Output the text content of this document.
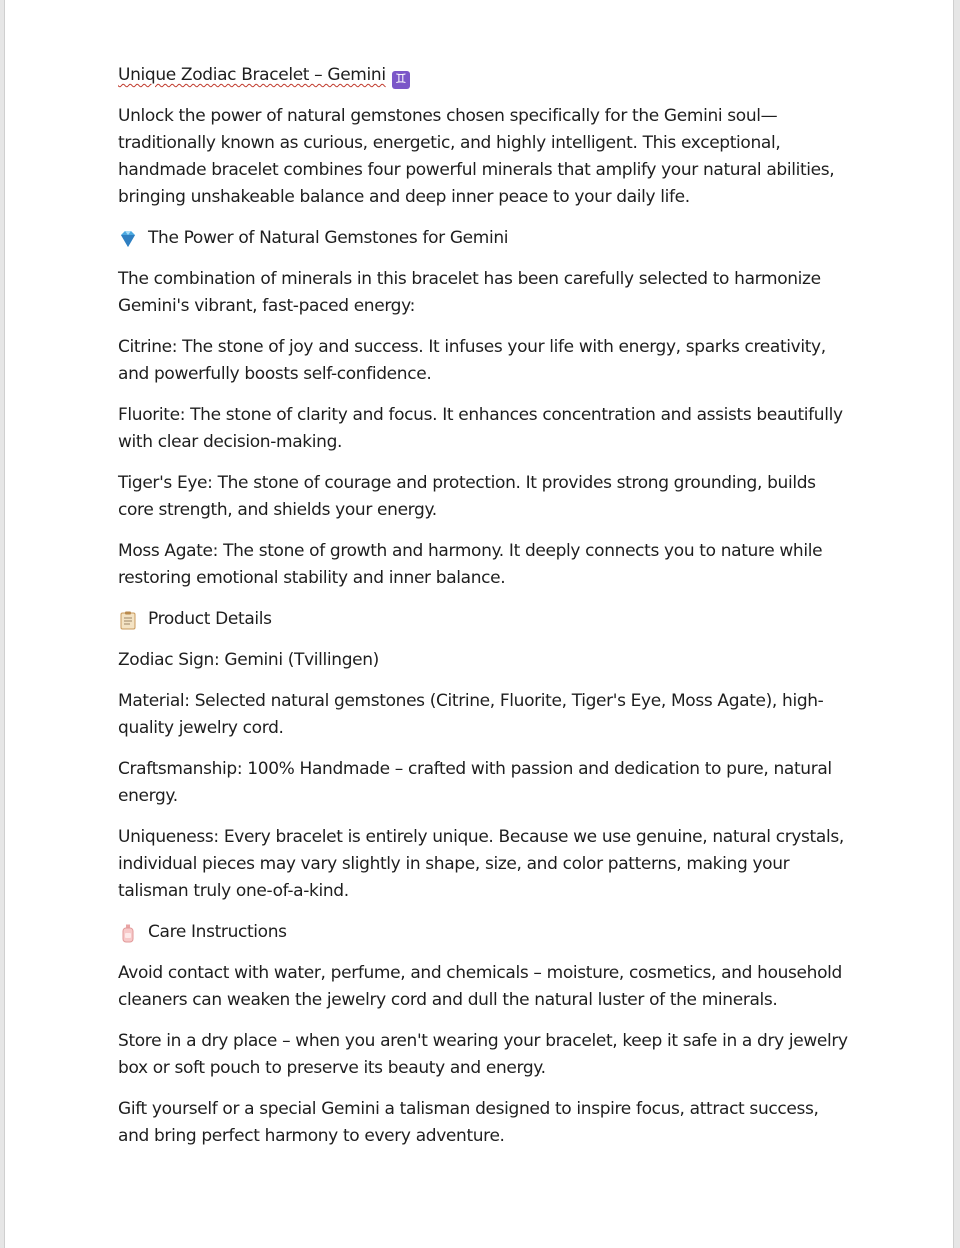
Unique Zodiac Bracelet – Gemini ♊

Unlock the power of natural gemstones chosen specifically for the Gemini soul—traditionally known as curious, energetic, and highly intelligent. This exceptional, handmade bracelet combines four powerful minerals that amplify your natural abilities, bringing unshakeable balance and deep inner peace to your daily life.

The Power of Natural Gemstones for Gemini

The combination of minerals in this bracelet has been carefully selected to harmonize Gemini's vibrant, fast-paced energy:

Citrine: The stone of joy and success. It infuses your life with energy, sparks creativity, and powerfully boosts self-confidence.

Fluorite: The stone of clarity and focus. It enhances concentration and assists beautifully with clear decision-making.

Tiger's Eye: The stone of courage and protection. It provides strong grounding, builds core strength, and shields your energy.

Moss Agate: The stone of growth and harmony. It deeply connects you to nature while restoring emotional stability and inner balance.

Product Details

Zodiac Sign: Gemini (Tvillingen)

Material: Selected natural gemstones (Citrine, Fluorite, Tiger's Eye, Moss Agate), high-quality jewelry cord.

Craftsmanship: 100% Handmade – crafted with passion and dedication to pure, natural energy.

Uniqueness: Every bracelet is entirely unique. Because we use genuine, natural crystals, individual pieces may vary slightly in shape, size, and color patterns, making your talisman truly one-of-a-kind.

Care Instructions

Avoid contact with water, perfume, and chemicals – moisture, cosmetics, and household cleaners can weaken the jewelry cord and dull the natural luster of the minerals.

Store in a dry place – when you aren't wearing your bracelet, keep it safe in a dry jewelry box or soft pouch to preserve its beauty and energy.

Gift yourself or a special Gemini a talisman designed to inspire focus, attract success, and bring perfect harmony to every adventure.
